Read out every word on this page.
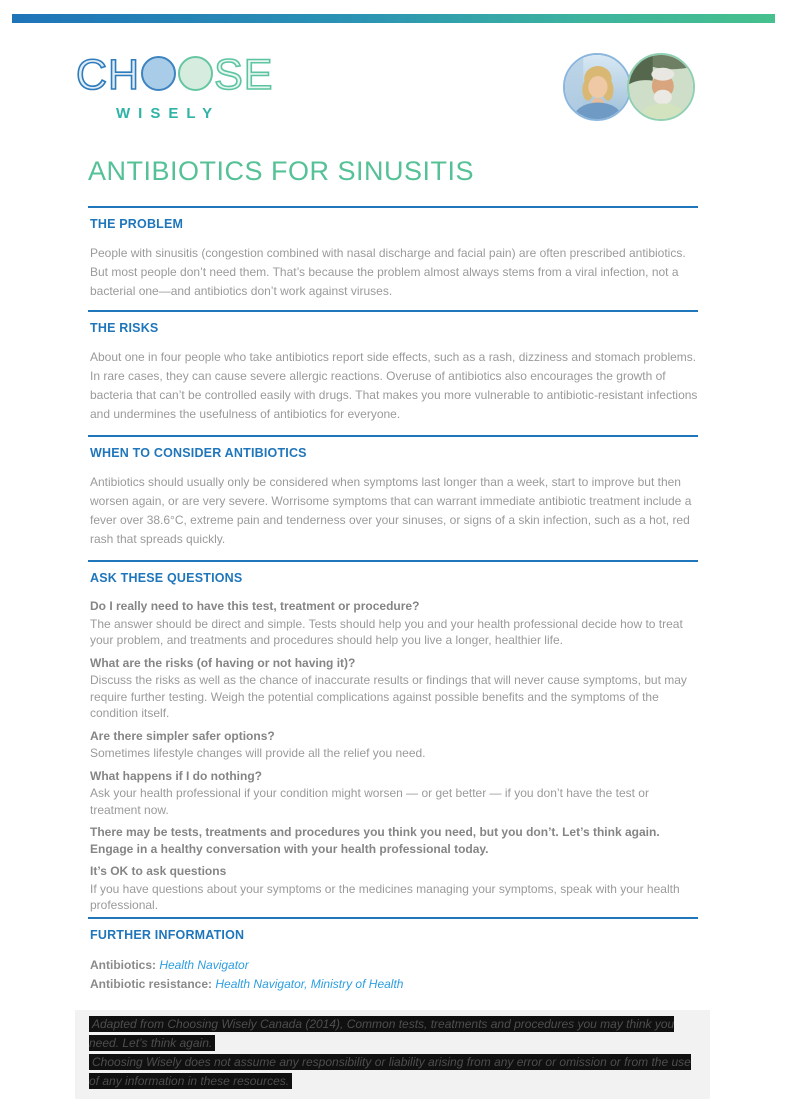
CH SE
WISELY
ANTIBIOTICS FOR SINUSITIS
THE PROBLEM

People with sinusitis (congestion combined with nasal discharge and facial pain) are often prescribed antibiotics. But most people don’t need them. That’s because the problem almost always stems from a viral infection, not a bacterial one—and antibiotics don’t work against viruses.

THE RISKS

About one in four people who take antibiotics report side effects, such as a rash, dizziness and stomach problems. In rare cases, they can cause severe allergic reactions. Overuse of antibiotics also encourages the growth of bacteria that can’t be controlled easily with drugs. That makes you more vulnerable to antibiotic-resistant infections and undermines the usefulness of antibiotics for everyone.

WHEN TO CONSIDER ANTIBIOTICS

Antibiotics should usually only be considered when symptoms last longer than a week, start to improve but then worsen again, or are very severe. Worrisome symptoms that can warrant immediate antibiotic treatment include a fever over 38.6°C, extreme pain and tenderness over your sinuses, or signs of a skin infection, such as a hot, red rash that spreads quickly.

ASK THESE QUESTIONS

Do I really need to have this test, treatment or procedure?

The answer should be direct and simple. Tests should help you and your health professional decide how to treat your problem, and treatments and procedures should help you live a longer, healthier life.

What are the risks (of having or not having it)?

Discuss the risks as well as the chance of inaccurate results or findings that will never cause symptoms, but may require further testing. Weigh the potential complications against possible benefits and the symptoms of the condition itself.

Are there simpler safer options?

Sometimes lifestyle changes will provide all the relief you need.

What happens if I do nothing?

Ask your health professional if your condition might worsen — or get better — if you don’t have the test or treatment now.

There may be tests, treatments and procedures you think you need, but you don’t. Let’s think again. Engage in a healthy conversation with your health professional today.

It’s OK to ask questions

If you have questions about your symptoms or the medicines managing your symptoms, speak with your health professional.

FURTHER INFORMATION

Antibiotics: Health Navigator

Antibiotic resistance: Health Navigator, Ministry of Health

Adapted from Choosing Wisely Canada (2014), Common tests, treatments and procedures you may think you need. Let’s think again.

Choosing Wisely does not assume any responsibility or liability arising from any error or omission or from the use of any information in these resources.
